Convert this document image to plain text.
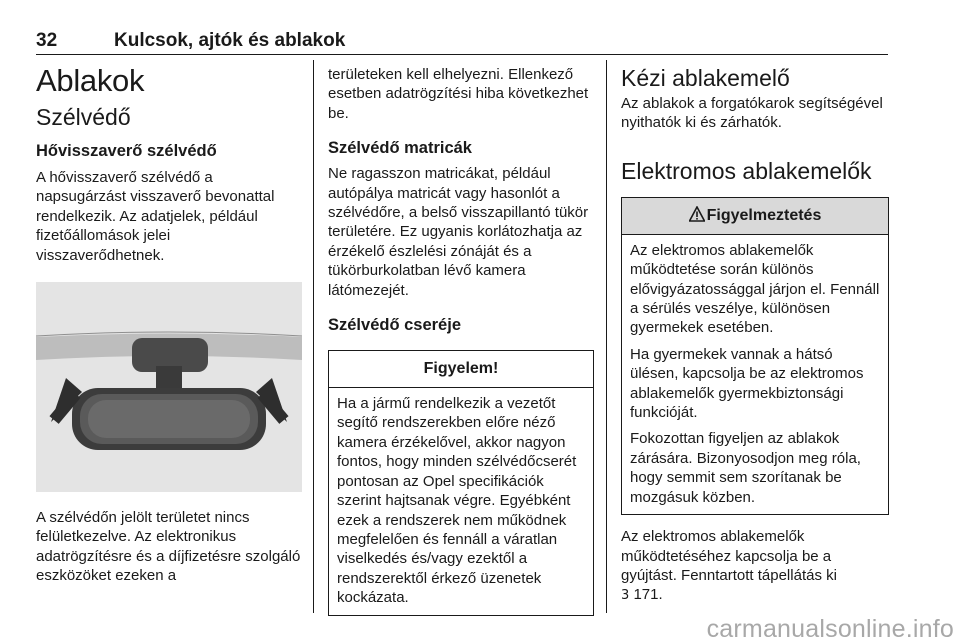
32	Kulcsok, ajtók és ablakok
Ablakok
Szélvédő
Hővisszaverő szélvédő

A hővisszaverő szélvédő a napsugárzást visszaverő bevonattal rendelkezik. Az adatjelek, például fizetőállomások jelei visszaverődhetnek.

A szélvédőn jelölt területet nincs felületkezelve. Az elektronikus adatrögzítésre és a díjfizetésre szolgáló eszközöket ezeken a

területeken kell elhelyezni. Ellenkező esetben adatrögzítési hiba következhet be.

Szélvédő matricák

Ne ragasszon matricákat, például autópálya matricát vagy hasonlót a szélvédőre, a belső visszapillantó tükör területére. Ez ugyanis korlátozhatja az érzékelő észlelési zónáját és a tükörburkolatban lévő kamera látómezejét.

Szélvédő cseréje
Figyelem!

Ha a jármű rendelkezik a vezetőt segítő rendszerekben előre néző kamera érzékelővel, akkor nagyon fontos, hogy minden szélvédőcserét pontosan az Opel specifikációk szerint hajtsanak végre. Egyébként ezek a rendszerek nem működnek megfelelően és fennáll a váratlan viselkedés és/vagy ezektől a rendszerektől érkező üzenetek kockázata.

Kézi ablakemelő

Az ablakok a forgatókarok segítségével nyithatók ki és zárhatók.

Elektromos ablakemelők
Figyelmeztetés

Az elektromos ablakemelők működtetése során különös elővigyázatossággal járjon el. Fennáll a sérülés veszélye, különösen gyermekek esetében.

Ha gyermekek vannak a hátsó ülésen, kapcsolja be az elektromos ablakemelők gyermekbiztonsági funkcióját.

Fokozottan figyeljen az ablakok zárására. Bizonyosodjon meg róla, hogy semmit sem szorítanak be mozgásuk közben.

Az elektromos ablakemelők működtetéséhez kapcsolja be a gyújtást. Fenntartott tápellátás ki
3 171.

carmanualsonline.info
